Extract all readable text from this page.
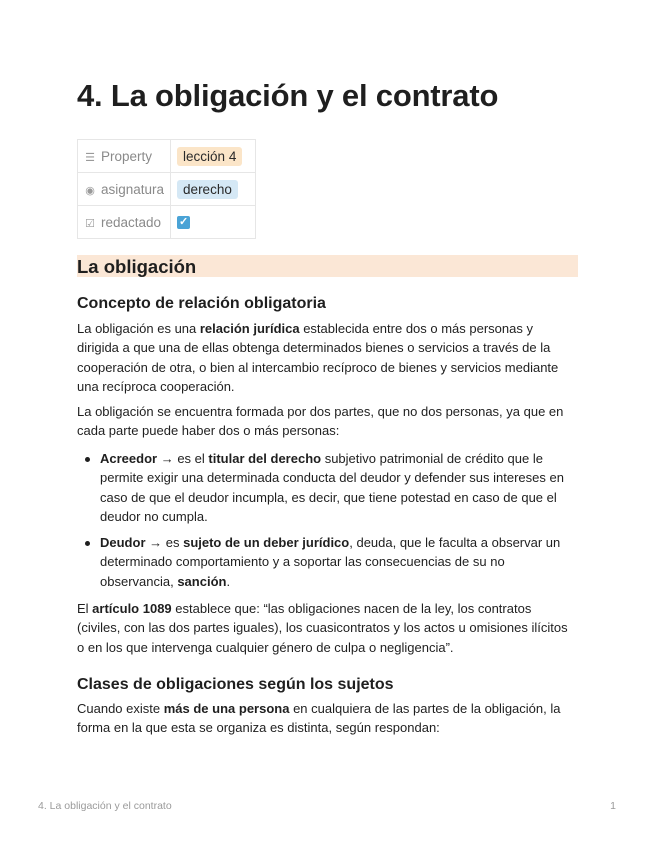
4. La obligación y el contrato
☰ Property	lección 4
◉ asignatura	derecho
☑ redactado	✓
La obligación
Concepto de relación obligatoria

La obligación es una relación jurídica establecida entre dos o más personas y dirigida a que una de ellas obtenga determinados bienes o servicios a través de la cooperación de otra, o bien al intercambio recíproco de bienes y servicios mediante una recíproca cooperación.

La obligación se encuentra formada por dos partes, que no dos personas, ya que en cada parte puede haber dos o más personas:

Acreedor → es el titular del derecho subjetivo patrimonial de crédito que le permite exigir una determinada conducta del deudor y defender sus intereses en caso de que el deudor incumpla, es decir, que tiene potestad en caso de que el deudor no cumpla.
Deudor → es sujeto de un deber jurídico, deuda, que le faculta a observar un determinado comportamiento y a soportar las consecuencias de su no observancia, sanción.

El artículo 1089 establece que: “las obligaciones nacen de la ley, los contratos (civiles, con las dos partes iguales), los cuasicontratos y los actos u omisiones ilícitos o en los que intervenga cualquier género de culpa o negligencia”.

Clases de obligaciones según los sujetos

Cuando existe más de una persona en cualquiera de las partes de la obligación, la forma en la que esta se organiza es distinta, según respondan:

4. La obligación y el contrato	1
